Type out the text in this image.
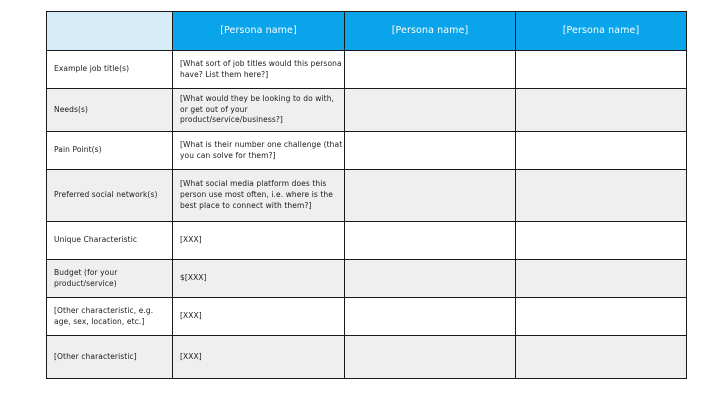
	[Persona name]	[Persona name]	[Persona name]
Example job title(s)	[What sort of job titles would this persona have? List them here?]		
Needs(s)	[What would they be looking to do with, or get out of your product/service/business?]		
Pain Point(s)	[What is their number one challenge (that you can solve for them?]		
Preferred social network(s)	[What social media platform does this person use most often, i.e. where is the best place to connect with them?]		
Unique Characteristic	[XXX]		
Budget (for your product/service)	$[XXX]		
[Other characteristic, e.g. age, sex, location, etc.]	[XXX]		
[Other characteristic]	[XXX]		
